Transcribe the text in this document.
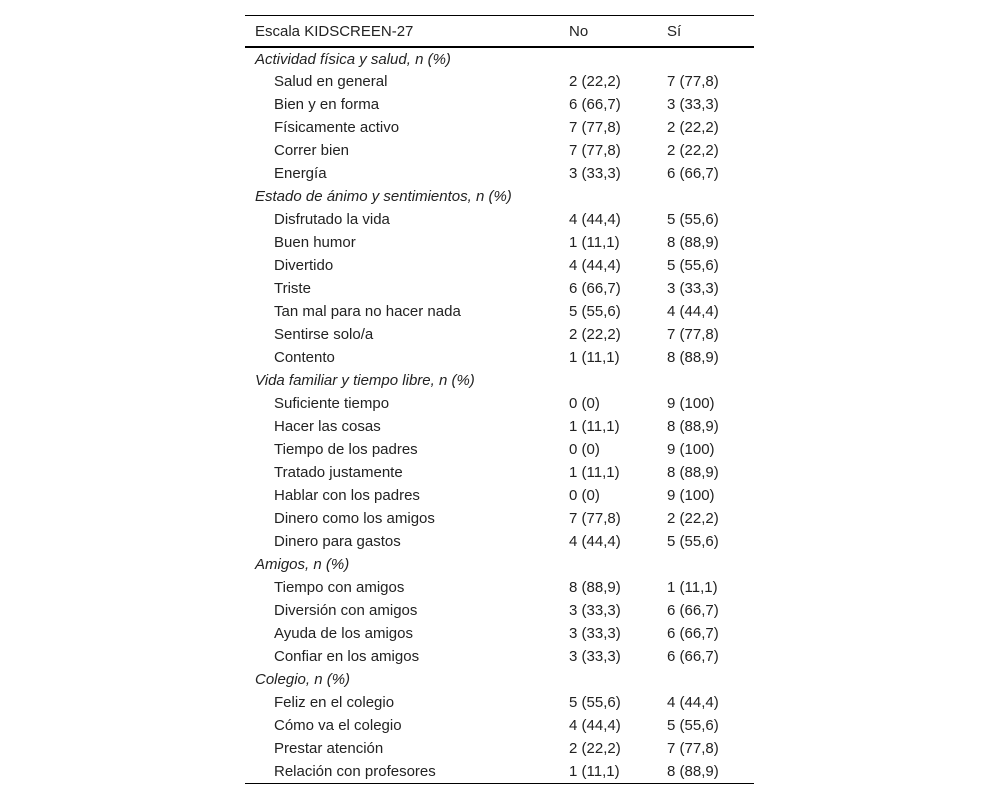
Escala KIDSCREEN-27	No	Sí
Actividad física y salud, n (%)		
Salud en general	2 (22,2)	7 (77,8)
Bien y en forma	6 (66,7)	3 (33,3)
Físicamente activo	7 (77,8)	2 (22,2)
Correr bien	7 (77,8)	2 (22,2)
Energía	3 (33,3)	6 (66,7)
Estado de ánimo y sentimientos, n (%)		
Disfrutado la vida	4 (44,4)	5 (55,6)
Buen humor	1 (11,1)	8 (88,9)
Divertido	4 (44,4)	5 (55,6)
Triste	6 (66,7)	3 (33,3)
Tan mal para no hacer nada	5 (55,6)	4 (44,4)
Sentirse solo/a	2 (22,2)	7 (77,8)
Contento	1 (11,1)	8 (88,9)
Vida familiar y tiempo libre, n (%)		
Suficiente tiempo	0 (0)	9 (100)
Hacer las cosas	1 (11,1)	8 (88,9)
Tiempo de los padres	0 (0)	9 (100)
Tratado justamente	1 (11,1)	8 (88,9)
Hablar con los padres	0 (0)	9 (100)
Dinero como los amigos	7 (77,8)	2 (22,2)
Dinero para gastos	4 (44,4)	5 (55,6)
Amigos, n (%)		
Tiempo con amigos	8 (88,9)	1 (11,1)
Diversión con amigos	3 (33,3)	6 (66,7)
Ayuda de los amigos	3 (33,3)	6 (66,7)
Confiar en los amigos	3 (33,3)	6 (66,7)
Colegio, n (%)		
Feliz en el colegio	5 (55,6)	4 (44,4)
Cómo va el colegio	4 (44,4)	5 (55,6)
Prestar atención	2 (22,2)	7 (77,8)
Relación con profesores	1 (11,1)	8 (88,9)
